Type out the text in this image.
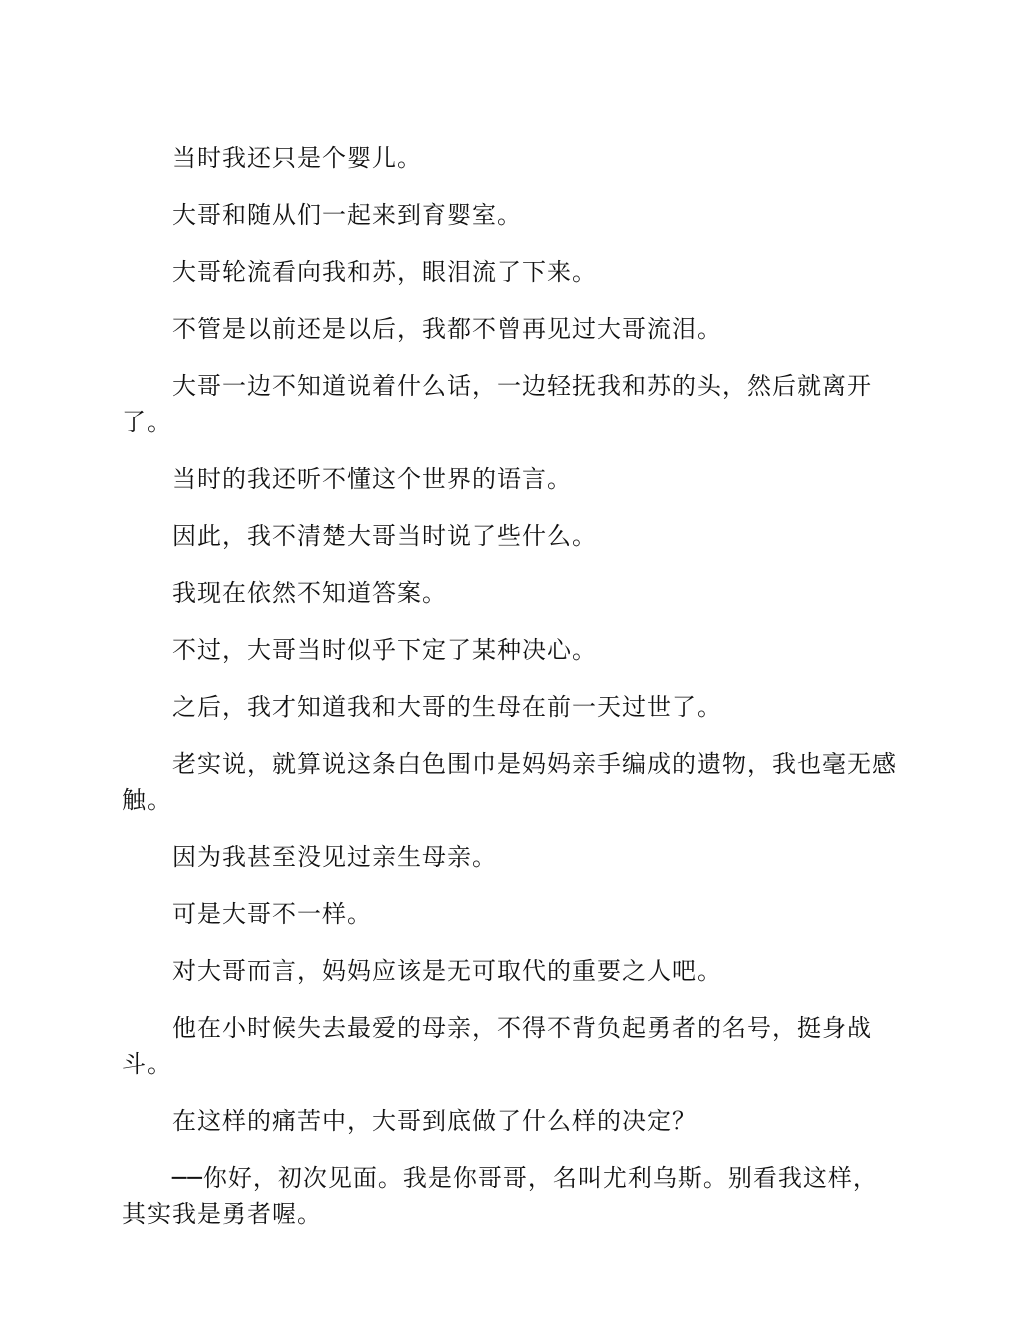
当时我还只是个婴儿。

大哥和随从们一起来到育婴室。

大哥轮流看向我和苏，眼泪流了下来。

不管是以前还是以后，我都不曾再见过大哥流泪。

大哥一边不知道说着什么话，一边轻抚我和苏的头，然后就离开了。

当时的我还听不懂这个世界的语言。

因此，我不清楚大哥当时说了些什么。

我现在依然不知道答案。

不过，大哥当时似乎下定了某种决心。

之后，我才知道我和大哥的生母在前一天过世了。

老实说，就算说这条白色围巾是妈妈亲手编成的遗物，我也毫无感触。

因为我甚至没见过亲生母亲。

可是大哥不一样。

对大哥而言，妈妈应该是无可取代的重要之人吧。

他在小时候失去最爱的母亲，不得不背负起勇者的名号，挺身战斗。

在这样的痛苦中，大哥到底做了什么样的决定？

──你好，初次见面。我是你哥哥，名叫尤利乌斯。别看我这样，其实我是勇者喔。
